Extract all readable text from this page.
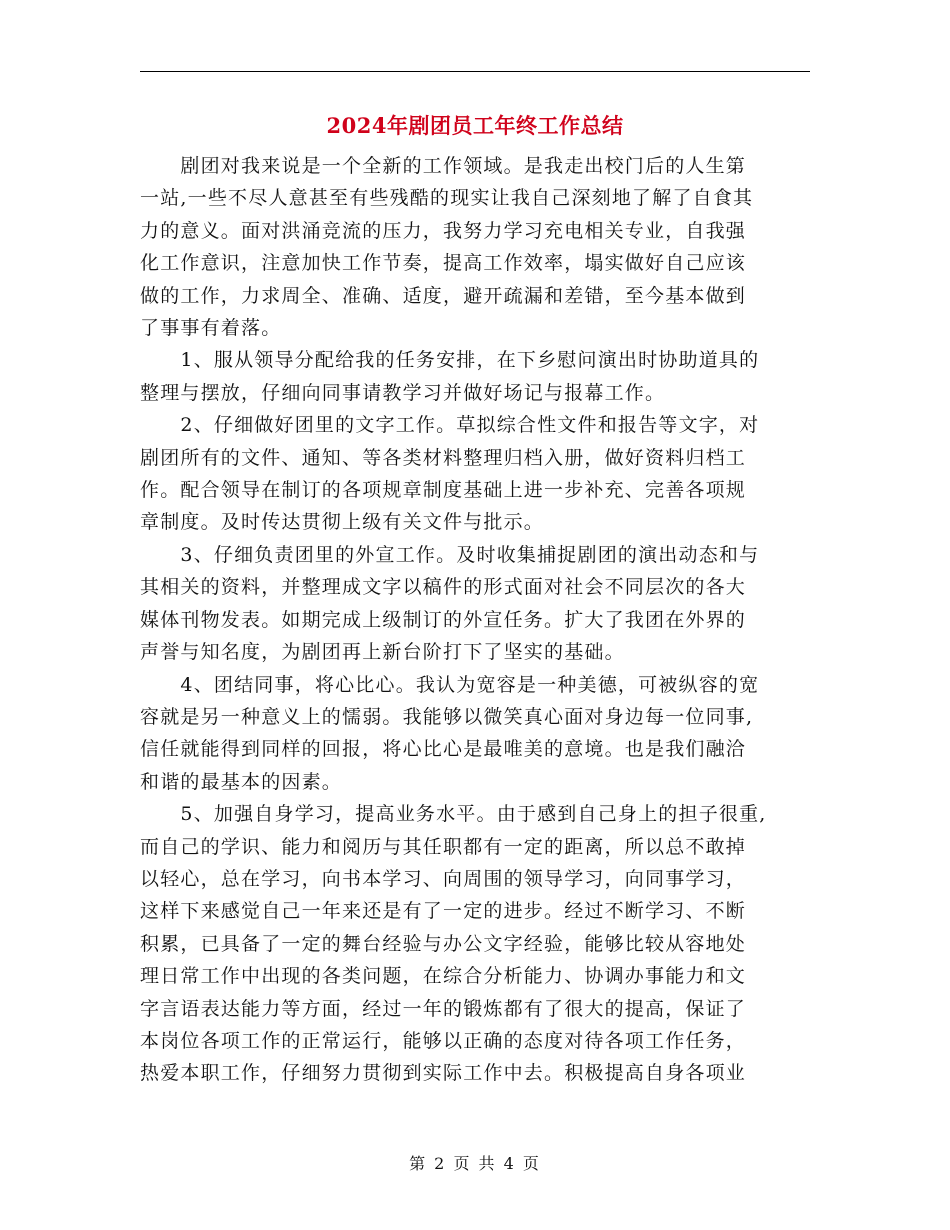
2024年剧团员工年终工作总结
　　剧团对我来说是一个全新的工作领域。是我走出校门后的人生第
一站,一些不尽人意甚至有些残酷的现实让我自己深刻地了解了自食其
力的意义。面对洪涌竞流的压力，我努力学习充电相关专业，自我强
化工作意识，注意加快工作节奏，提高工作效率，塌实做好自己应该
做的工作，力求周全、准确、适度，避开疏漏和差错，至今基本做到
了事事有着落。
　　1、服从领导分配给我的任务安排，在下乡慰问演出时协助道具的
整理与摆放，仔细向同事请教学习并做好场记与报幕工作。
　　2、仔细做好团里的文字工作。草拟综合性文件和报告等文字，对
剧团所有的文件、通知、等各类材料整理归档入册，做好资料归档工
作。配合领导在制订的各项规章制度基础上进一步补充、完善各项规
章制度。及时传达贯彻上级有关文件与批示。
　　3、仔细负责团里的外宣工作。及时收集捕捉剧团的演出动态和与
其相关的资料，并整理成文字以稿件的形式面对社会不同层次的各大
媒体刊物发表。如期完成上级制订的外宣任务。扩大了我团在外界的
声誉与知名度，为剧团再上新台阶打下了坚实的基础。
　　4、团结同事，将心比心。我认为宽容是一种美德，可被纵容的宽
容就是另一种意义上的懦弱。我能够以微笑真心面对身边每一位同事,
信任就能得到同样的回报，将心比心是最唯美的意境。也是我们融洽
和谐的最基本的因素。
　　5、加强自身学习，提高业务水平。由于感到自己身上的担子很重,
而自己的学识、能力和阅历与其任职都有一定的距离，所以总不敢掉
以轻心，总在学习，向书本学习、向周围的领导学习，向同事学习，
这样下来感觉自己一年来还是有了一定的进步。经过不断学习、不断
积累，已具备了一定的舞台经验与办公文字经验，能够比较从容地处
理日常工作中出现的各类问题，在综合分析能力、协调办事能力和文
字言语表达能力等方面，经过一年的锻炼都有了很大的提高，保证了
本岗位各项工作的正常运行，能够以正确的态度对待各项工作任务，
热爱本职工作，仔细努力贯彻到实际工作中去。积极提高自身各项业
第 2 页 共 4 页
